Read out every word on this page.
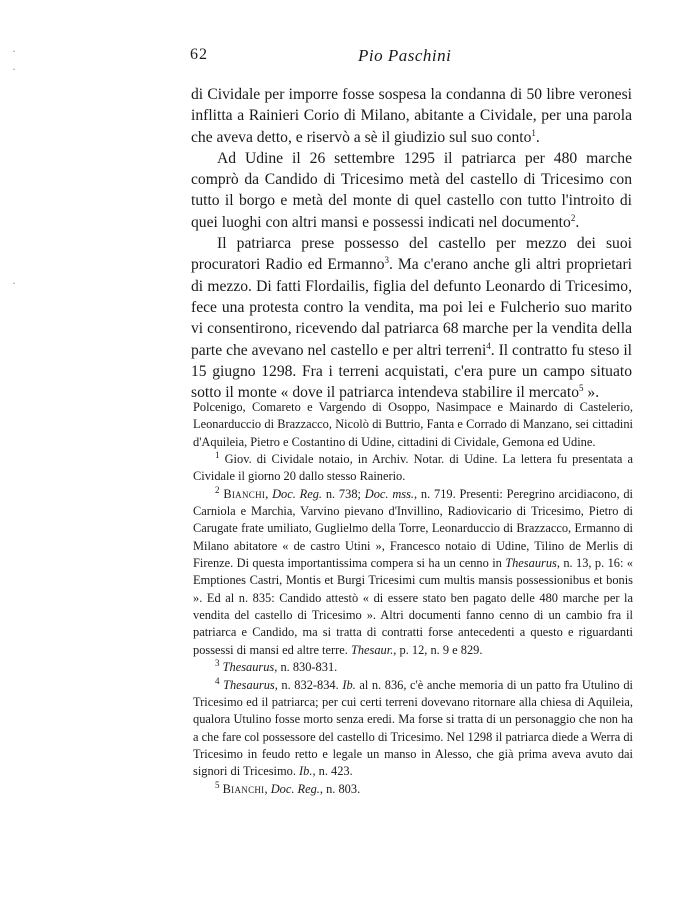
62	Pio Paschini

di Cividale per imporre fosse sospesa la condanna di 50 libre veronesi inflitta a Rainieri Corio di Milano, abitante a Cividale, per una parola che aveva detto, e riservò a sè il giudizio sul suo conto$^1$.

Ad Udine il 26 settembre 1295 il patriarca per 480 marche comprò da Candido di Tricesimo metà del castello di Tricesimo con tutto il borgo e metà del monte di quel castello con tutto l'introito di quei luoghi con altri mansi e possessi indicati nel documento$^2$.

Il patriarca prese possesso del castello per mezzo dei suoi procuratori Radio ed Ermanno$^3$. Ma c'erano anche gli altri proprietari di mezzo. Di fatti Flordailis, figlia del defunto Leonardo di Tricesimo, fece una protesta contro la vendita, ma poi lei e Fulcherio suo marito vi consentirono, ricevendo dal patriarca 68 marche per la vendita della parte che avevano nel castello e per altri terreni$^4$. Il contratto fu steso il 15 giugno 1298. Fra i terreni acquistati, c'era pure un campo situato sotto il monte « dove il patriarca intendeva stabilire il mercato$^5$ ».

Polcenigo, Comareto e Vargendo di Osoppo, Nasimpace e Mainardo di Castelerio, Leonarduccio di Brazzacco, Nicolò di Buttrio, Fanta e Corrado di Manzano, sei cittadini d'Aquileia, Pietro e Costantino di Udine, cittadini di Cividale, Gemona ed Udine.

$^1$ Giov. di Cividale notaio, in Archiv. Notar. di Udine. La lettera fu presentata a Cividale il giorno 20 dallo stesso Rainerio.

$^2$ Bianchi, Doc. Reg. n. 738; Doc. mss., n. 719. Presenti: Peregrino arcidiacono, di Carniola e Marchia, Varvino pievano d'Invillino, Radiovicario di Tricesimo, Pietro di Carugate frate umiliato, Guglielmo della Torre, Leonarduccio di Brazzacco, Ermanno di Milano abitatore « de castro Utini », Francesco notaio di Udine, Tilino de Merlis di Firenze. Di questa importantissima compera si ha un cenno in Thesaurus, n. 13, p. 16: « Emptiones Castri, Montis et Burgi Tricesimi cum multis mansis possessionibus et bonis ». Ed al n. 835: Candido attestò « di essere stato ben pagato delle 480 marche per la vendita del castello di Tricesimo ». Altri documenti fanno cenno di un cambio fra il patriarca e Candido, ma si tratta di contratti forse antecedenti a questo e riguardanti possessi di mansi ed altre terre. Thesaur., p. 12, n. 9 e 829.

$^3$ Thesaurus, n. 830-831.

$^4$ Thesaurus, n. 832-834. Ib. al n. 836, c'è anche memoria di un patto fra Utulino di Tricesimo ed il patriarca; per cui certi terreni dovevano ritornare alla chiesa di Aquileia, qualora Utulino fosse morto senza eredi. Ma forse si tratta di un personaggio che non ha a che fare col possessore del castello di Tricesimo. Nel 1298 il patriarca diede a Werra di Tricesimo in feudo retto e legale un manso in Alesso, che già prima aveva avuto dai signori di Tricesimo. Ib., n. 423.

$^5$ Bianchi, Doc. Reg., n. 803.

·
·
·
